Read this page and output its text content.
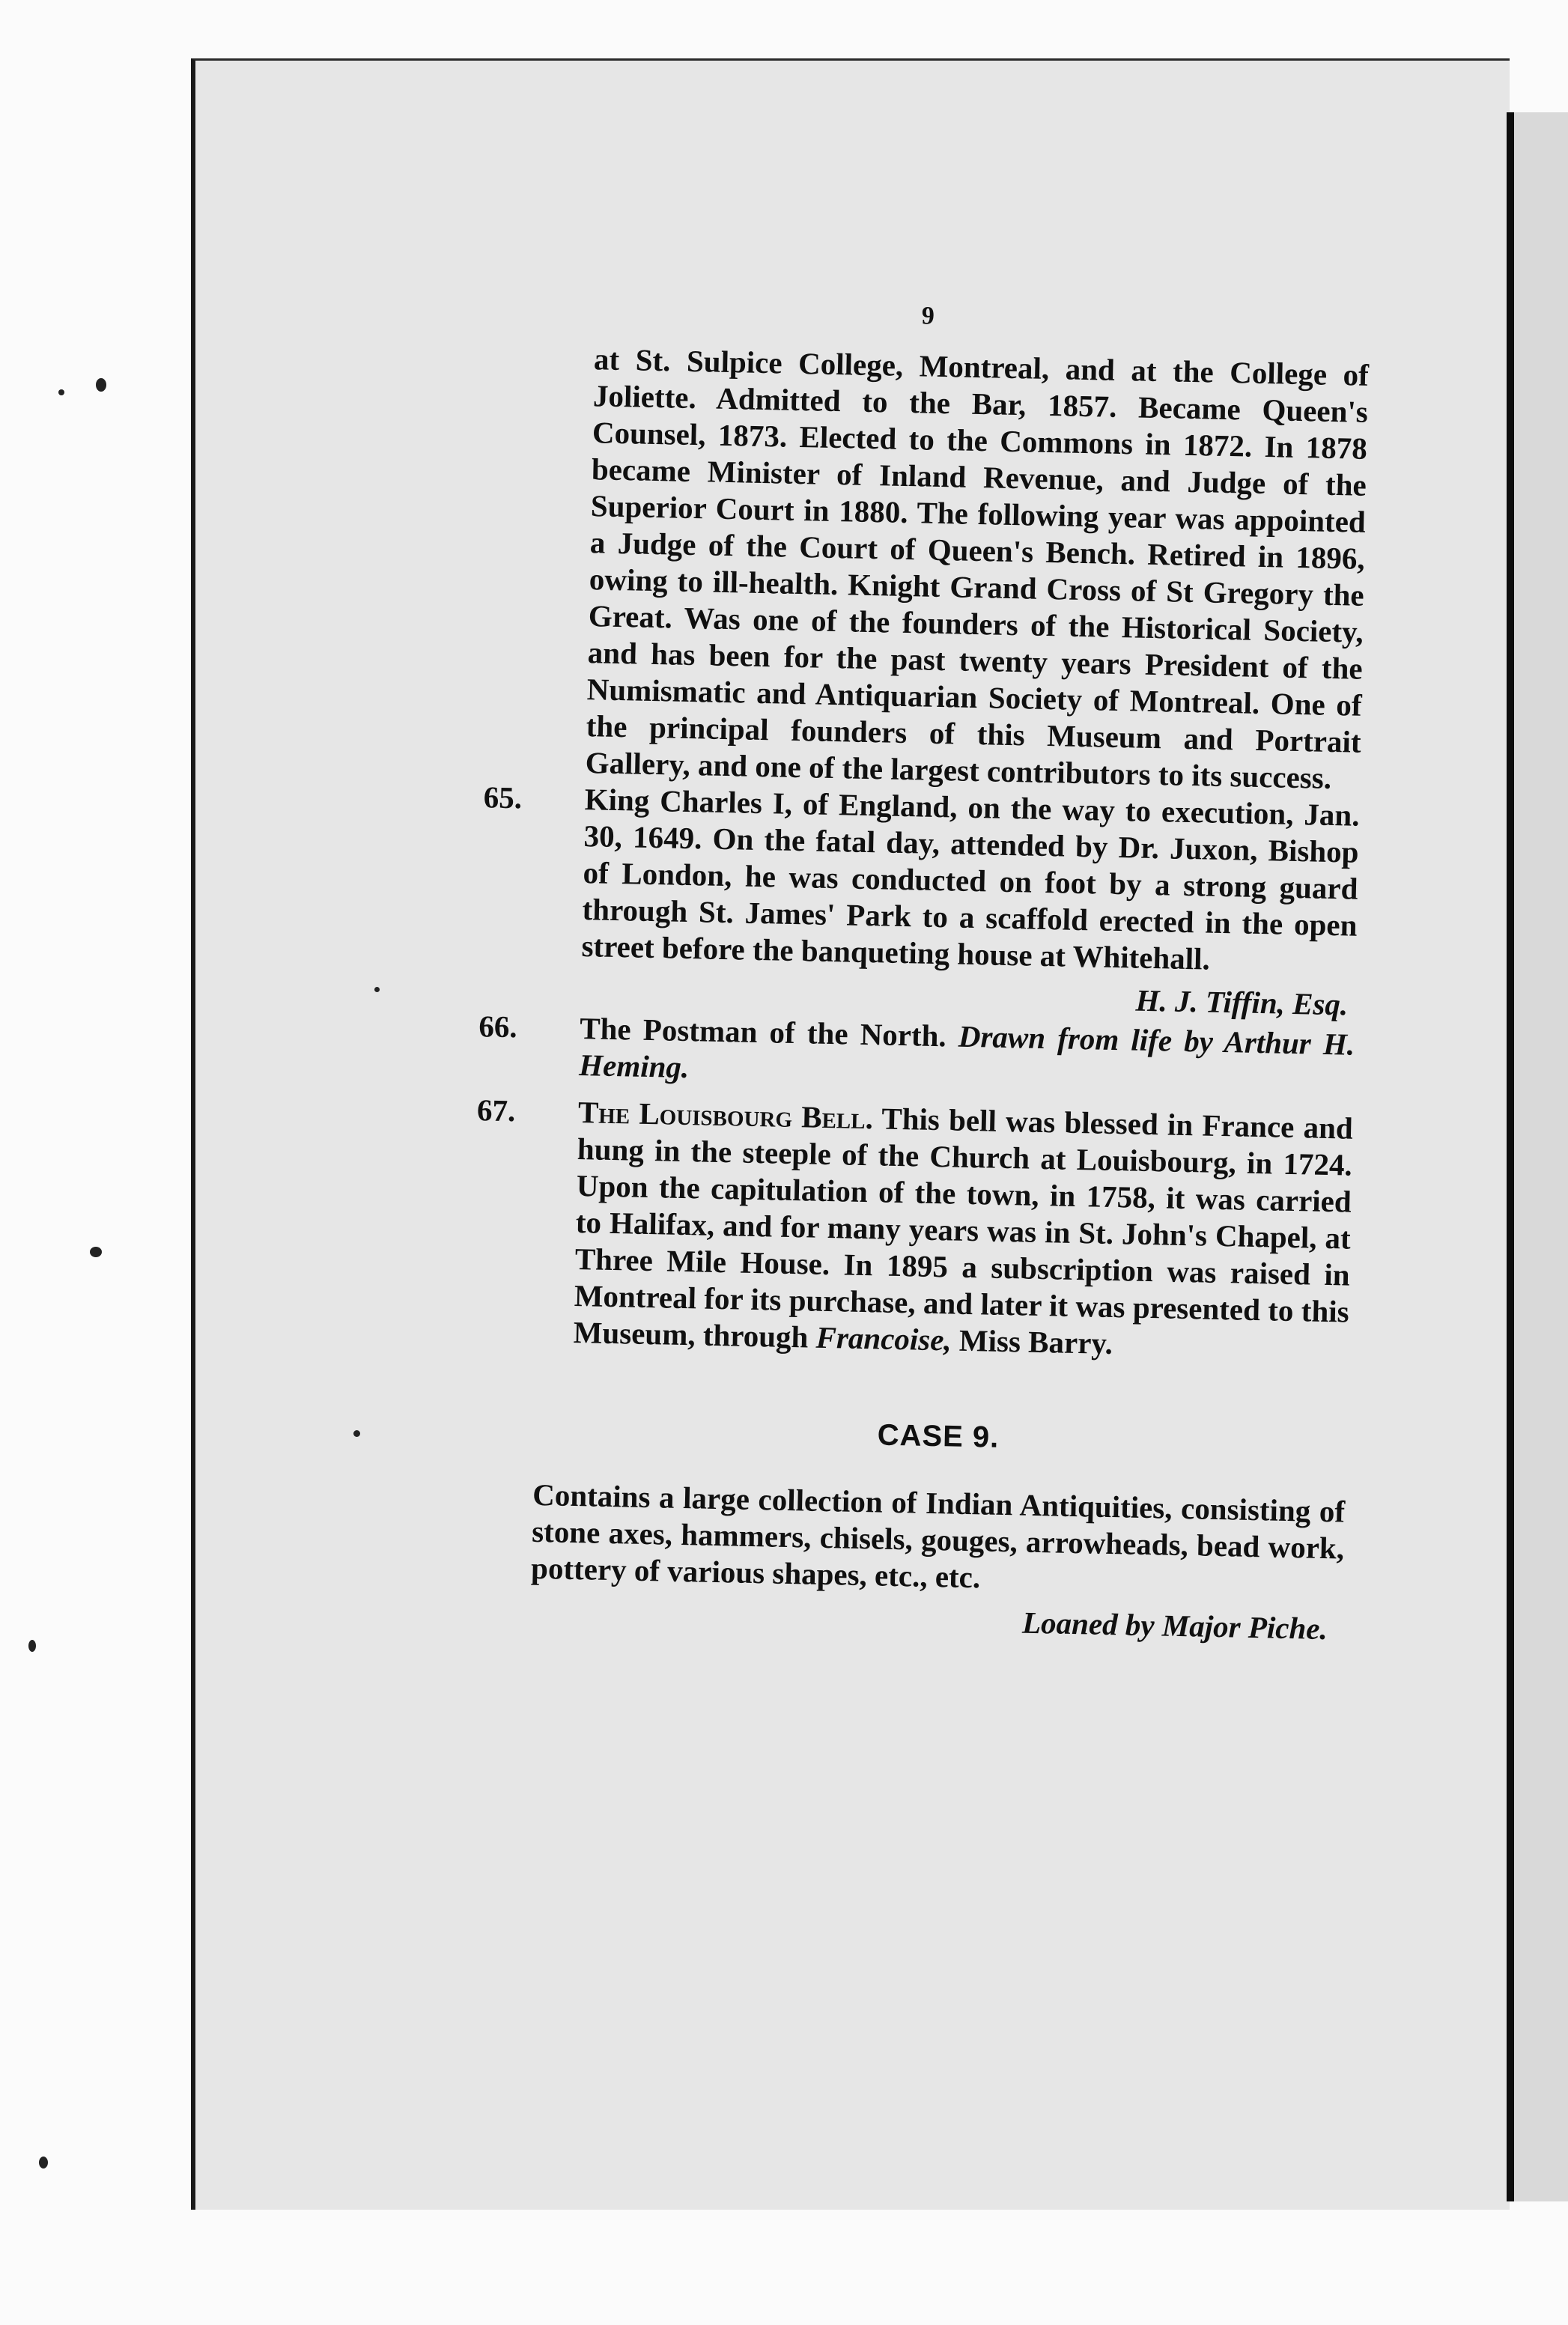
9

at St. Sulpice College, Montreal, and at the College of Joliette. Admitted to the Bar, 1857. Became Queen's Counsel, 1873. Elected to the Commons in 1872. In 1878 became Minister of Inland Revenue, and Judge of the Superior Court in 1880. The following year was appointed a Judge of the Court of Queen's Bench. Retired in 1896, owing to ill-health. Knight Grand Cross of St Gregory the Great. Was one of the founders of the Historical Society, and has been for the past twenty years President of the Numismatic and Antiquarian Society of Montreal. One of the principal founders of this Museum and Portrait Gallery, and one of the largest contributors to its success.

65. King Charles I, of England, on the way to execution, Jan. 30, 1649. On the fatal day, attended by Dr. Juxon, Bishop of London, he was conducted on foot by a strong guard through St. James' Park to a scaffold erected in the open street before the banqueting house at Whitehall.
H. J. Tiffin, Esq.
66. The Postman of the North. Drawn from life by Arthur H. Heming.
67. The Louisbourg Bell. This bell was blessed in France and hung in the steeple of the Church at Louisbourg, in 1724. Upon the capitulation of the town, in 1758, it was carried to Halifax, and for many years was in St. John's Chapel, at Three Mile House. In 1895 a subscription was raised in Montreal for its purchase, and later it was presented to this Museum, through Francoise, Miss Barry.
CASE 9.

Contains a large collection of Indian Antiquities, consisting of stone axes, hammers, chisels, gouges, arrowheads, bead work, pottery of various shapes, etc., etc.

Loaned by Major Piche.
